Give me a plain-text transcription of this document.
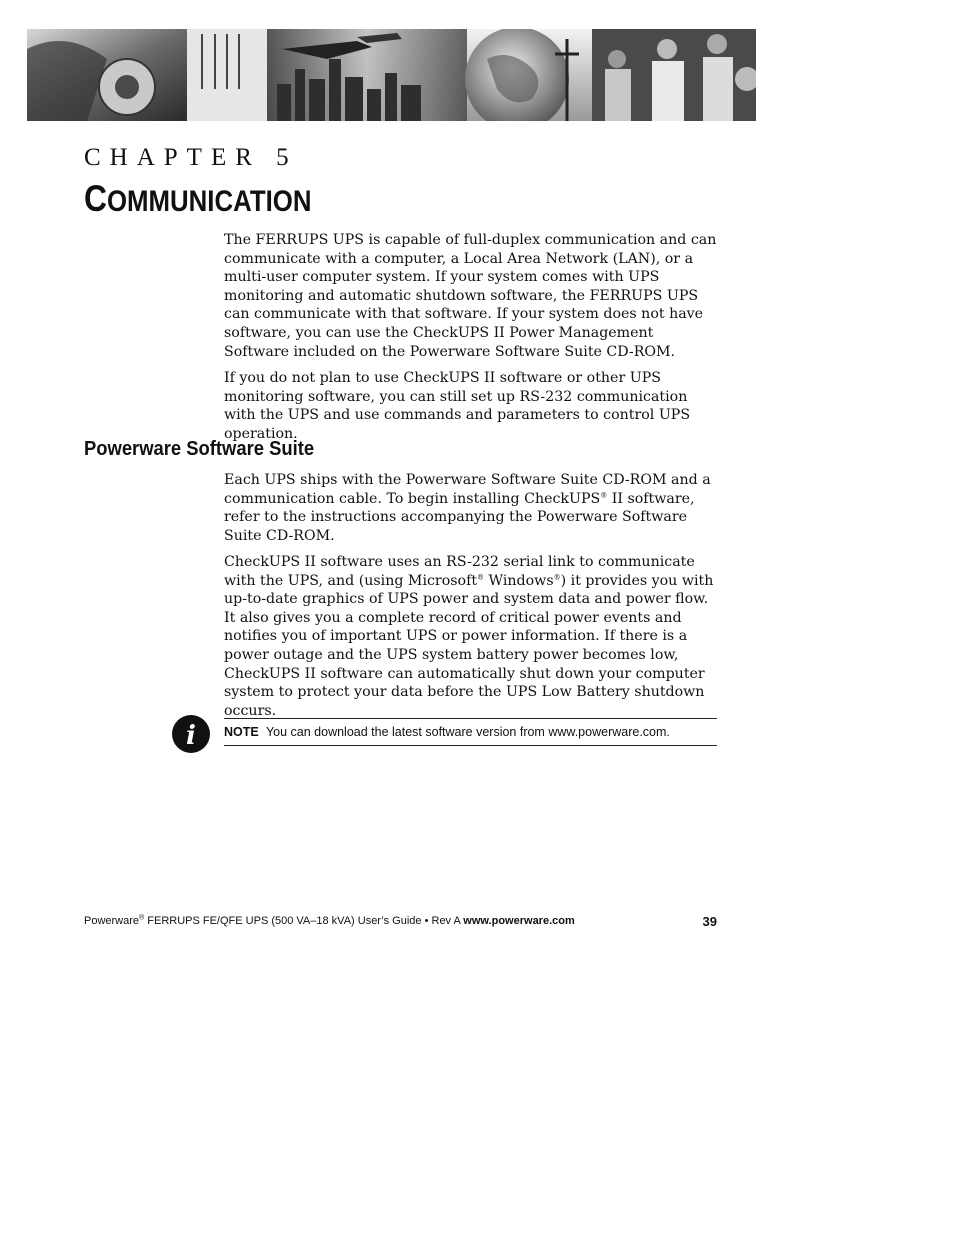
CHAPTER 5
COMMUNICATION

The FERRUPS UPS is capable of full-duplex communication and can communicate with a computer, a Local Area Network (LAN), or a multi-user computer system. If your system comes with UPS monitoring and automatic shutdown software, the FERRUPS UPS can communicate with that software. If your system does not have software, you can use the CheckUPS II Power Management Software included on the Powerware Software Suite CD-ROM.

If you do not plan to use CheckUPS II software or other UPS monitoring software, you can still set up RS-232 communication with the UPS and use commands and parameters to control UPS operation.

Powerware Software Suite

Each UPS ships with the Powerware Software Suite CD-ROM and a communication cable. To begin installing CheckUPS® II software, refer to the instructions accompanying the Powerware Software Suite CD-ROM.

CheckUPS II software uses an RS-232 serial link to communicate with the UPS, and (using Microsoft® Windows®) it provides you with up-to-date graphics of UPS power and system data and power flow. It also gives you a complete record of critical power events and notifies you of important UPS or power information. If there is a power outage and the UPS system battery power becomes low, CheckUPS II software can automatically shut down your computer system to protect your data before the UPS Low Battery shutdown occurs.

i NOTE You can download the latest software version from www.powerware.com.
Powerware® FERRUPS FE/QFE UPS (500 VA–18 kVA) User’s Guide • Rev A www.powerware.com	39
